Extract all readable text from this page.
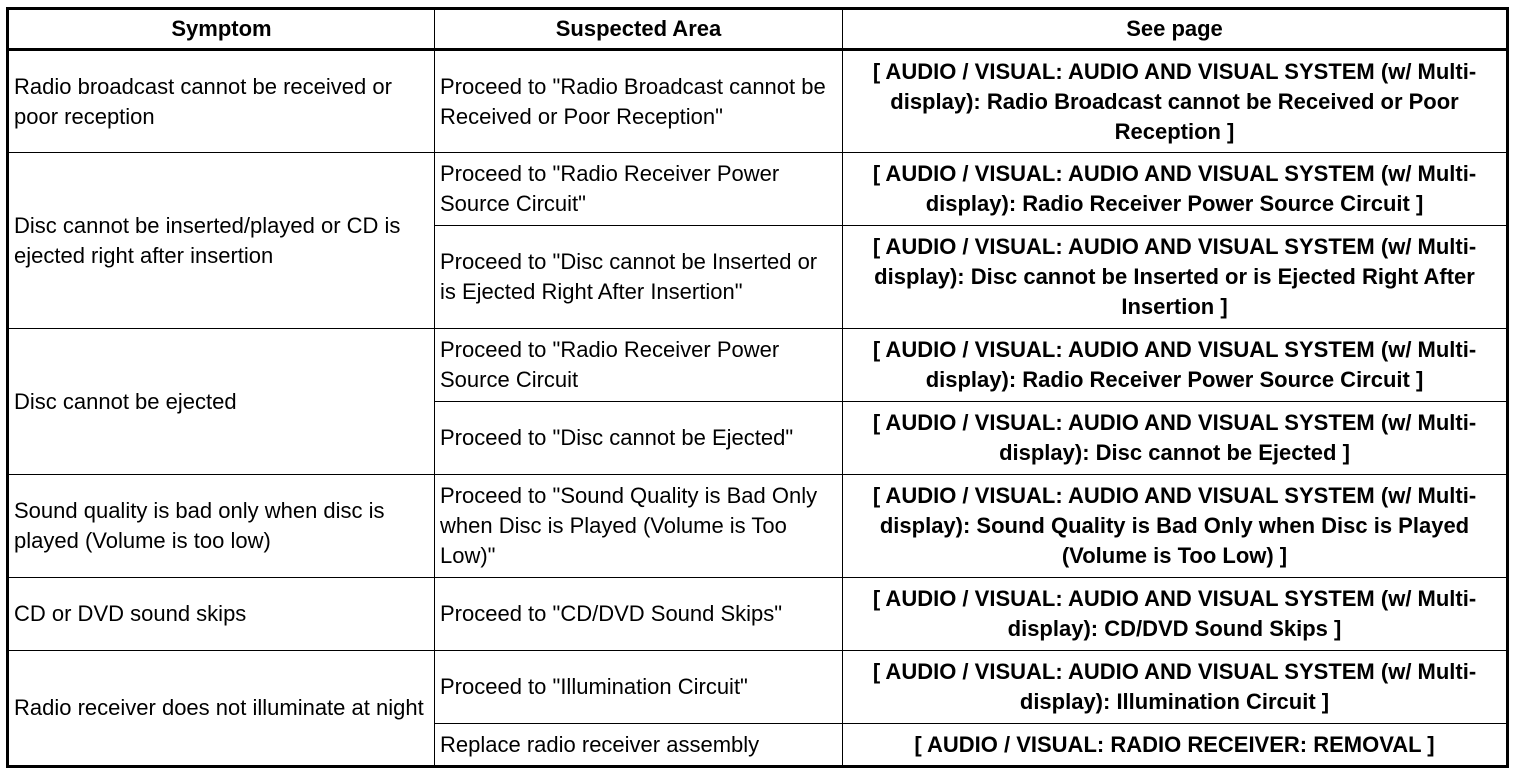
Symptom	Suspected Area	See page
Radio broadcast cannot be received or poor reception	Proceed to "Radio Broadcast cannot be Received or Poor Reception"	[ AUDIO / VISUAL: AUDIO AND VISUAL SYSTEM (w/ Multi-display): Radio Broadcast cannot be Received or Poor Reception ]
Disc cannot be inserted/played or CD is ejected right after insertion	Proceed to "Radio Receiver Power Source Circuit"	[ AUDIO / VISUAL: AUDIO AND VISUAL SYSTEM (w/ Multi-display): Radio Receiver Power Source Circuit ]
	Proceed to "Disc cannot be Inserted or is Ejected Right After Insertion"	[ AUDIO / VISUAL: AUDIO AND VISUAL SYSTEM (w/ Multi-display): Disc cannot be Inserted or is Ejected Right After Insertion ]
Disc cannot be ejected	Proceed to "Radio Receiver Power Source Circuit	[ AUDIO / VISUAL: AUDIO AND VISUAL SYSTEM (w/ Multi-display): Radio Receiver Power Source Circuit ]
	Proceed to "Disc cannot be Ejected"	[ AUDIO / VISUAL: AUDIO AND VISUAL SYSTEM (w/ Multi-display): Disc cannot be Ejected ]
Sound quality is bad only when disc is played (Volume is too low)	Proceed to "Sound Quality is Bad Only when Disc is Played (Volume is Too Low)"	[ AUDIO / VISUAL: AUDIO AND VISUAL SYSTEM (w/ Multi-display): Sound Quality is Bad Only when Disc is Played (Volume is Too Low) ]
CD or DVD sound skips	Proceed to "CD/DVD Sound Skips"	[ AUDIO / VISUAL: AUDIO AND VISUAL SYSTEM (w/ Multi-display): CD/DVD Sound Skips ]
Radio receiver does not illuminate at night	Proceed to "Illumination Circuit"	[ AUDIO / VISUAL: AUDIO AND VISUAL SYSTEM (w/ Multi-display): Illumination Circuit ]
	Replace radio receiver assembly	[ AUDIO / VISUAL: RADIO RECEIVER: REMOVAL ]
